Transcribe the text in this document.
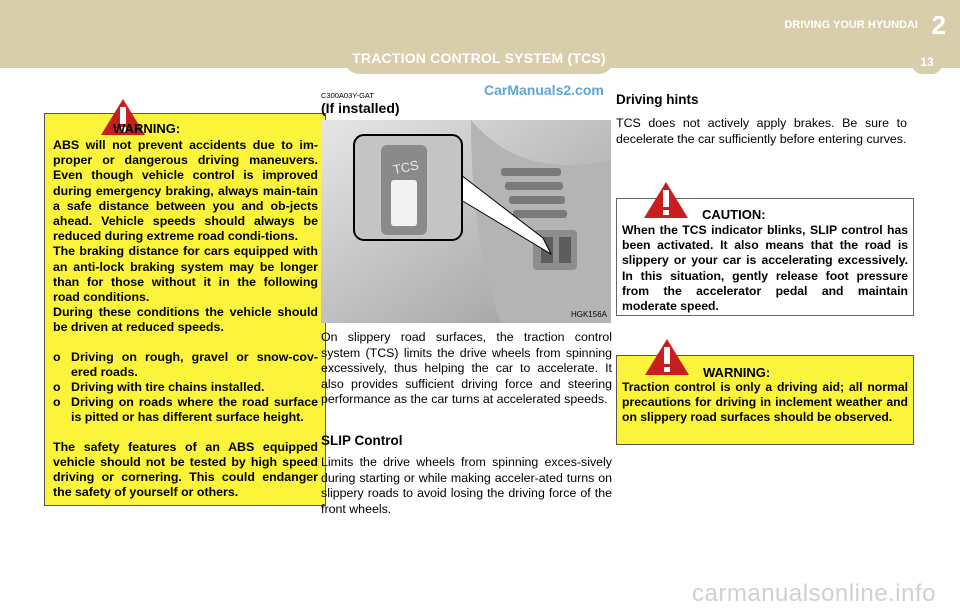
TRACTION CONTROL SYSTEM (TCS)
DRIVING YOUR HYUNDAI 2
13
CarManuals2.com
WARNING:

ABS will not prevent accidents due to im-proper or dangerous driving maneuvers. Even though vehicle control is improved during emergency braking, always main-tain a safe distance between you and ob-jects ahead. Vehicle speeds should always be reduced during extreme road condi-tions.

The braking distance for cars equipped with an anti-lock braking system may be longer than for those without it in the following road conditions.

During these conditions the vehicle should be driven at reduced speeds.

o Driving on rough, gravel or snow-cov-ered roads.
o Driving with tire chains installed.
o Driving on roads where the road surface is pitted or has different surface height.

The safety features of an ABS equipped vehicle should not be tested by high speed driving or cornering. This could endanger the safety of yourself or others.

C300A03Y-GAT
(If installed)
TCS
HGK156A
On slippery road surfaces, the traction control system (TCS) limits the drive wheels from spinning excessively, thus helping the car to accelerate. It also provides sufficient driving force and steering performance as the car turns at accelerated speeds.
SLIP Control
Limits the drive wheels from spinning exces-sively during starting or while making acceler-ated turns on slippery roads to avoid losing the driving force of the front wheels.
Driving hints
TCS does not actively apply brakes. Be sure to decelerate the car sufficiently before entering curves.
CAUTION:
When the TCS indicator blinks, SLIP control has been activated. It also means that the road is slippery or your car is accelerating excessively. In this situation, gently release foot pressure from the accelerator pedal and maintain moderate speed.
WARNING:
Traction control is only a driving aid; all normal precautions for driving in inclement weather and on slippery road surfaces should be observed.
carmanualsonline.info
